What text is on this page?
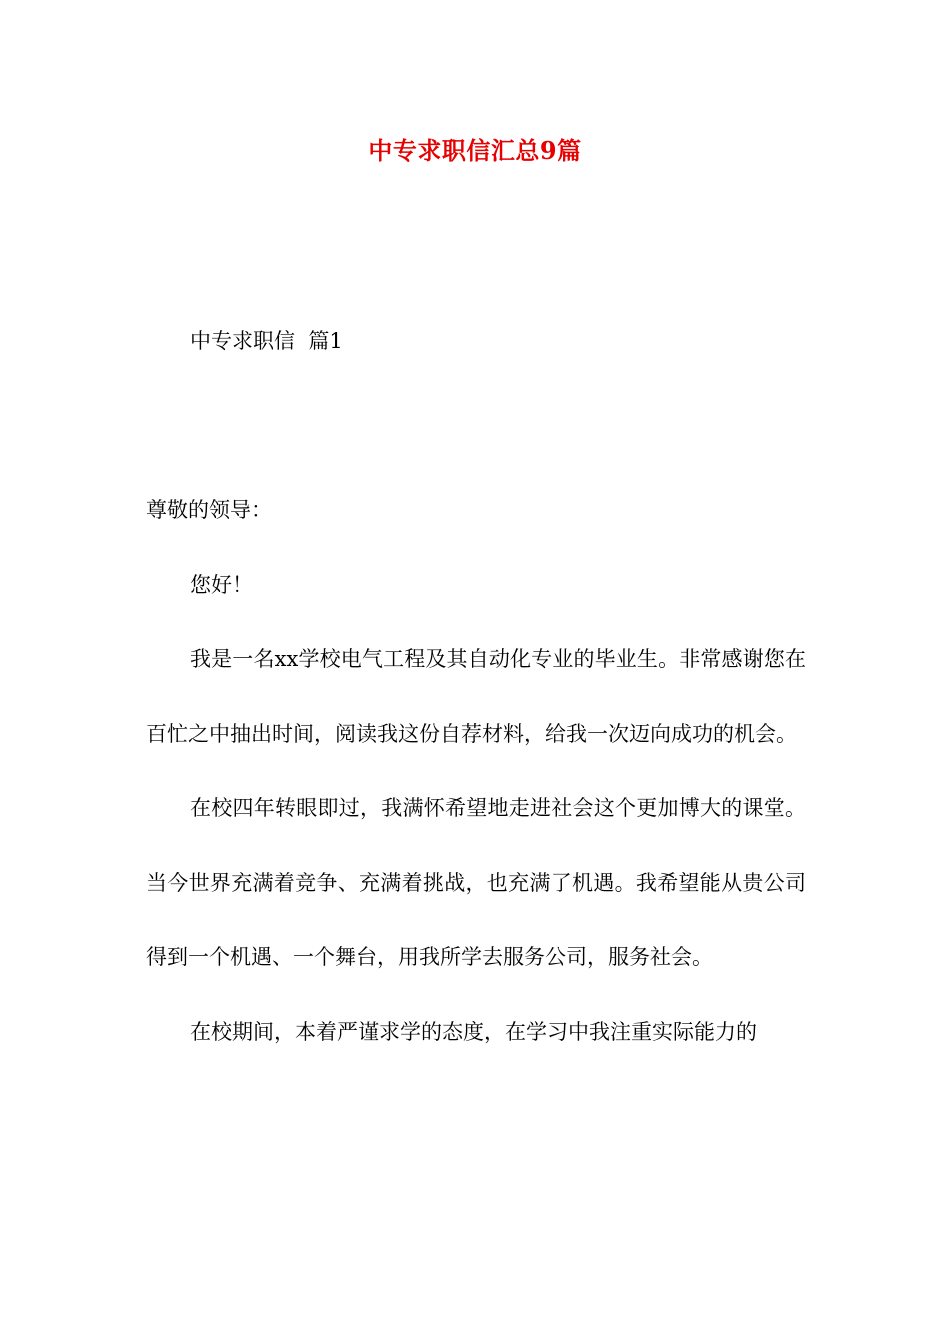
中专求职信汇总9篇
中专求职信  篇1

尊敬的领导：

您好！

我是一名xx学校电气工程及其自动化专业的毕业生。非常感谢您在百忙之中抽出时间，阅读我这份自荐材料，给我一次迈向成功的机会。

在校四年转眼即过，我满怀希望地走进社会这个更加博大的课堂。当今世界充满着竞争、充满着挑战，也充满了机遇。我希望能从贵公司得到一个机遇、一个舞台，用我所学去服务公司，服务社会。

在校期间，本着严谨求学的态度，在学习中我注重实际能力的
